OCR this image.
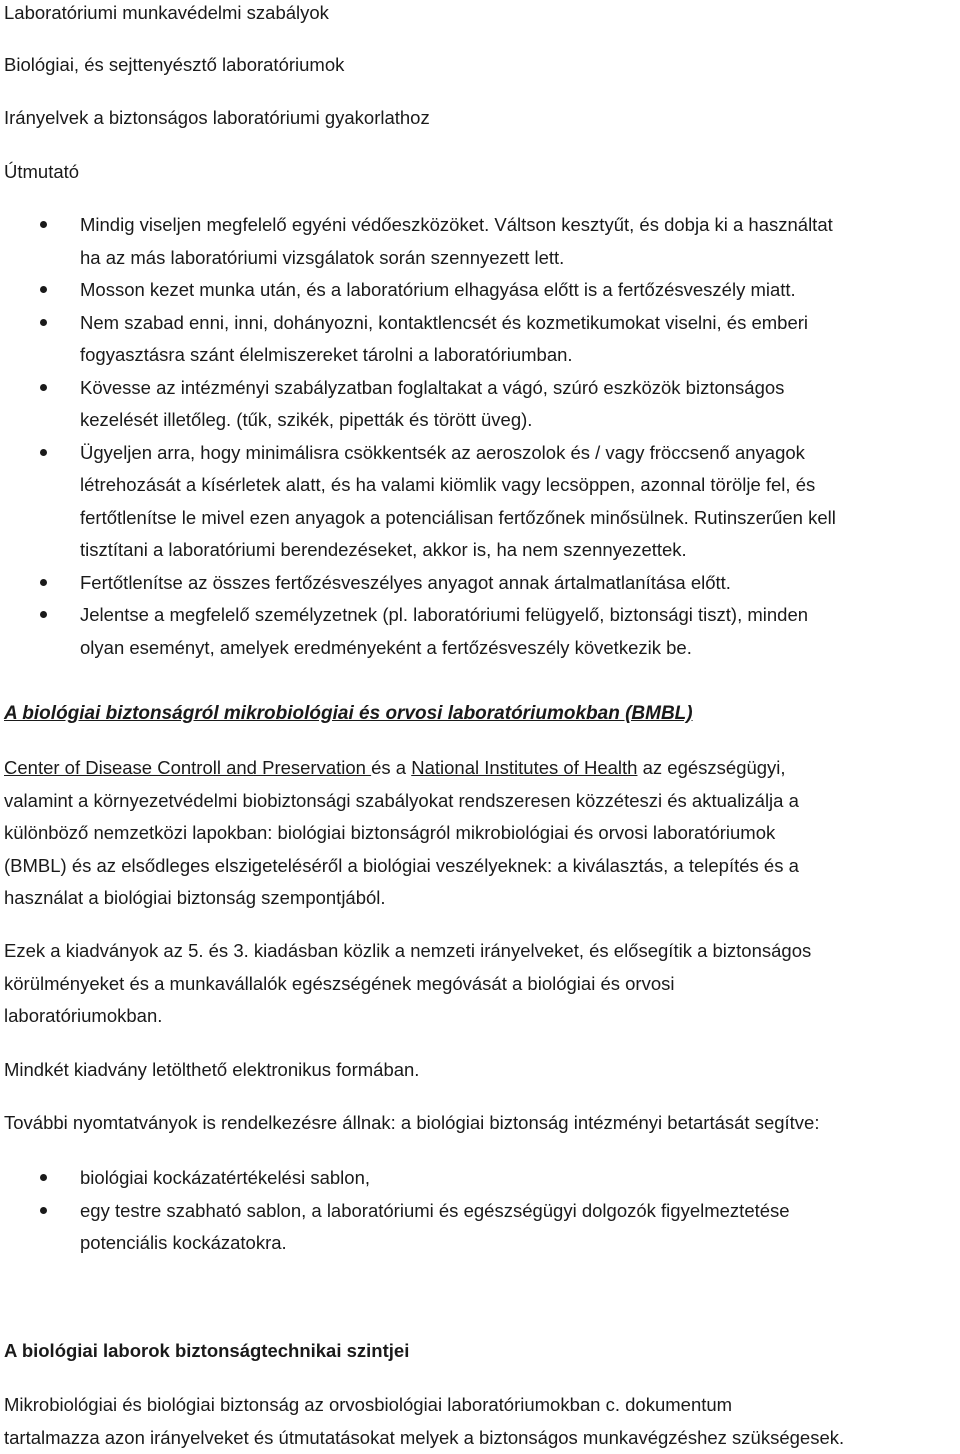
Laboratóriumi munkavédelmi szabályok

Biológiai, és sejttenyésztő laboratóriumok

Irányelvek a biztonságos laboratóriumi gyakorlathoz

Útmutató

Mindig viseljen megfelelő egyéni védőeszközöket. Váltson kesztyűt, és dobja ki a használtat
ha az más laboratóriumi vizsgálatok során szennyezett lett.
Mosson kezet munka után, és a laboratórium elhagyása előtt is a fertőzésveszély miatt.
Nem szabad enni, inni, dohányozni, kontaktlencsét és kozmetikumokat viselni, és emberi
fogyasztásra szánt élelmiszereket tárolni a laboratóriumban.
Kövesse az intézményi szabályzatban foglaltakat a vágó, szúró eszközök biztonságos
kezelését illetőleg. (tűk, szikék, pipetták és törött üveg).
Ügyeljen arra, hogy minimálisra csökkentsék az aeroszolok és / vagy fröccsenő anyagok
létrehozását a kísérletek alatt, és ha valami kiömlik vagy lecsöppen, azonnal törölje fel, és
fertőtlenítse le mivel ezen anyagok a potenciálisan fertőzőnek minősülnek. Rutinszerűen kell
tisztítani a laboratóriumi berendezéseket, akkor is, ha nem szennyezettek.
Fertőtlenítse az összes fertőzésveszélyes anyagot annak ártalmatlanítása előtt.
Jelentse a megfelelő személyzetnek (pl. laboratóriumi felügyelő, biztonsági tiszt), minden
olyan eseményt, amelyek eredményeként a fertőzésveszély következik be.

A biológiai biztonságról mikrobiológiai és orvosi laboratóriumokban (BMBL)

Center of Disease Controll and Preservation és a National Institutes of Health az egészségügyi,
valamint a környezetvédelmi biobiztonsági szabályokat rendszeresen közzéteszi és aktualizálja a
különböző nemzetközi lapokban: biológiai biztonságról mikrobiológiai és orvosi laboratóriumok
(BMBL) és az elsődleges elszigeteléséről a biológiai veszélyeknek: a kiválasztás, a telepítés és a
használat a biológiai biztonság szempontjából.
Ezek a kiadványok az 5. és 3. kiadásban közlik a nemzeti irányelveket, és elősegítik a biztonságos
körülményeket és a munkavállalók egészségének megóvását a biológiai és orvosi
laboratóriumokban.

Mindkét kiadvány letölthető elektronikus formában.

További nyomtatványok is rendelkezésre állnak: a biológiai biztonság intézményi betartását segítve:

biológiai kockázatértékelési sablon,
egy testre szabható sablon, a laboratóriumi és egészségügyi dolgozók figyelmeztetése
potenciális kockázatokra.

A biológiai laborok biztonságtechnikai szintjei

Mikrobiológiai és biológiai biztonság az orvosbiológiai laboratóriumokban c. dokumentum
tartalmazza azon irányelveket és útmutatásokat melyek a biztonságos munkavégzéshez szükségesek.
